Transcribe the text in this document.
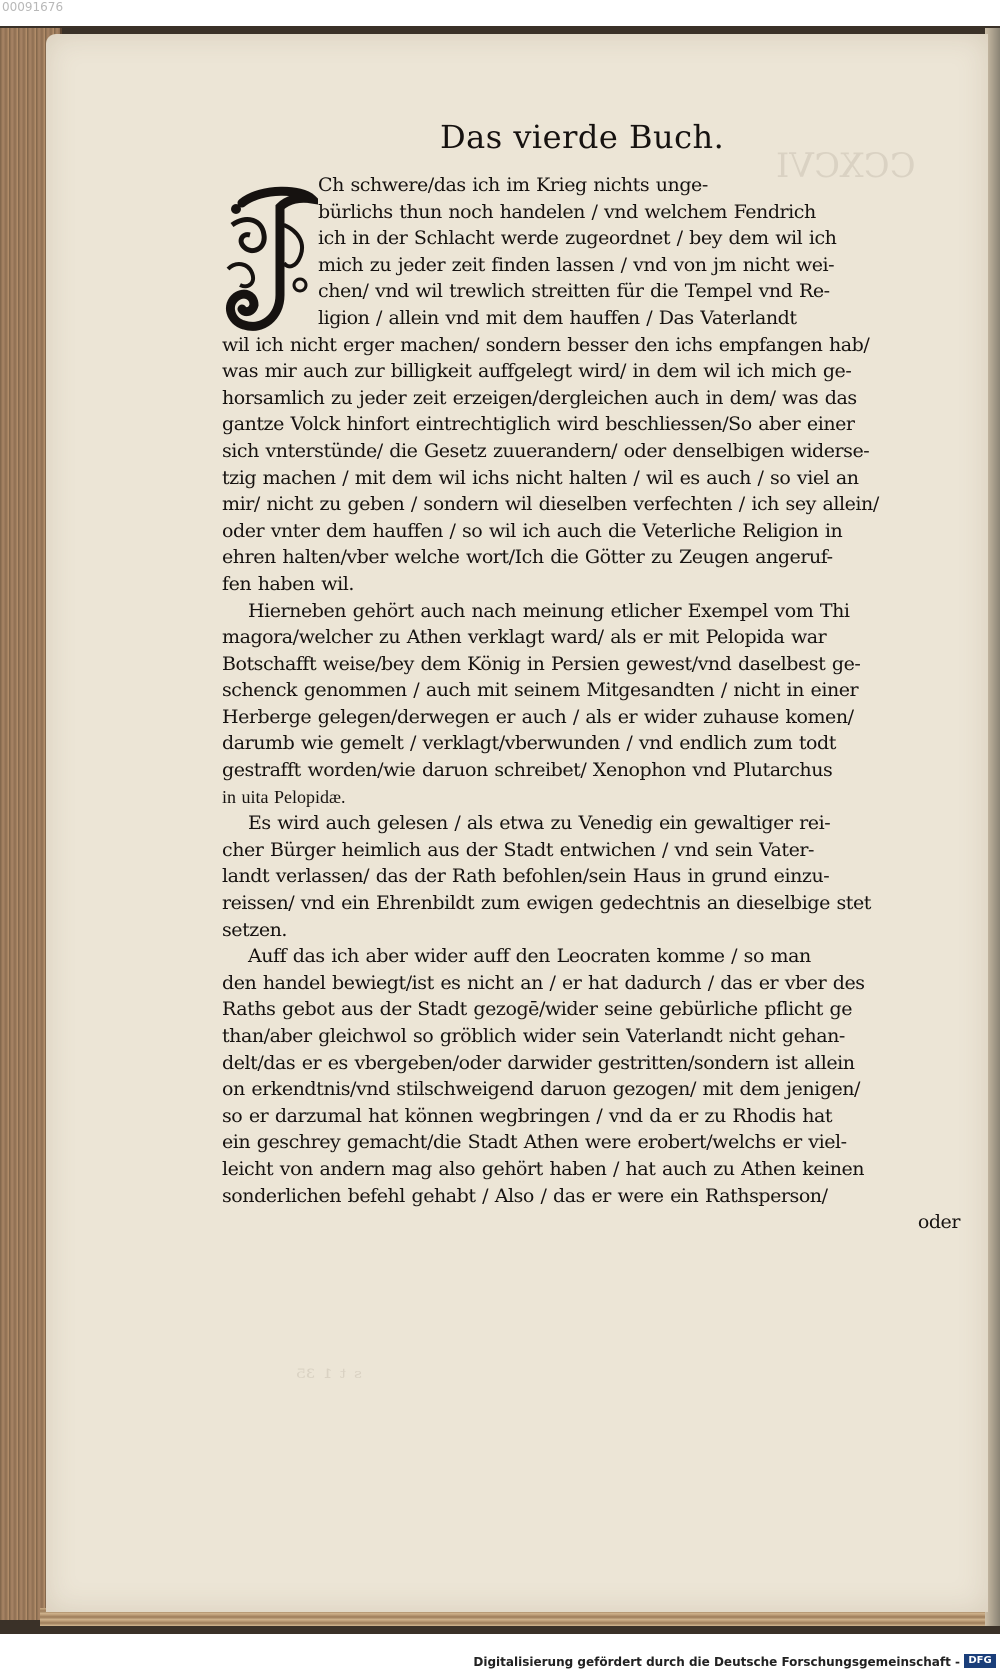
00091676
CCXCVI
ˢ ᵗ ¹ ³⁵
Das vierde Buch.
Ch schwere/das ich im Krieg nichts unge-
bürlichs thun noch handelen / vnd welchem Fendrich
ich in der Schlacht werde zugeordnet / bey dem wil ich
mich zu jeder zeit finden lassen / vnd von jm nicht wei-
chen/ vnd wil trewlich streitten für die Tempel vnd Re-
ligion / allein vnd mit dem hauffen / Das Vaterlandt
wil ich nicht erger machen/ sondern besser den ichs empfangen hab/
was mir auch zur billigkeit auffgelegt wird/ in dem wil ich mich ge-
horsamlich zu jeder zeit erzeigen/dergleichen auch in dem/ was das
gantze Volck hinfort eintrechtiglich wird beschliessen/So aber einer
sich vnterstünde/ die Gesetz zuuerandern/ oder denselbigen widerse-
tzig machen / mit dem wil ichs nicht halten / wil es auch / so viel an
mir/ nicht zu geben / sondern wil dieselben verfechten / ich sey allein/
oder vnter dem hauffen / so wil ich auch die Veterliche Religion in
ehren halten/vber welche wort/Ich die Götter zu Zeugen angeruf-
fen haben wil.
Hierneben gehört auch nach meinung etlicher Exempel vom Thi
magora/welcher zu Athen verklagt ward/ als er mit Pelopida war
Botschafft weise/bey dem König in Persien gewest/vnd daselbest ge-
schenck genommen / auch mit seinem Mitgesandten / nicht in einer
Herberge gelegen/derwegen er auch / als er wider zuhause komen/
darumb wie gemelt / verklagt/vberwunden / vnd endlich zum todt
gestrafft worden/wie daruon schreibet/ Xenophon vnd Plutarchus
in uita Pelopidæ.
Es wird auch gelesen / als etwa zu Venedig ein gewaltiger rei-
cher Bürger heimlich aus der Stadt entwichen / vnd sein Vater-
landt verlassen/ das der Rath befohlen/sein Haus in grund einzu-
reissen/ vnd ein Ehrenbildt zum ewigen gedechtnis an dieselbige stet
setzen.
Auff das ich aber wider auff den Leocraten komme / so man
den handel bewiegt/ist es nicht an / er hat dadurch / das er vber des
Raths gebot aus der Stadt gezogē/wider seine gebürliche pflicht ge
than/aber gleichwol so gröblich wider sein Vaterlandt nicht gehan-
delt/das er es vbergeben/oder darwider gestritten/sondern ist allein
on erkendtnis/vnd stilschweigend daruon gezogen/ mit dem jenigen/
so er darzumal hat können wegbringen / vnd da er zu Rhodis hat
ein geschrey gemacht/die Stadt Athen were erobert/welchs er viel-
leicht von andern mag also gehört haben / hat auch zu Athen keinen
sonderlichen befehl gehabt / Also / das er were ein Rathsperson/
oder
Digitalisierung gefördert durch die Deutsche Forschungsgemeinschaft - DFG
